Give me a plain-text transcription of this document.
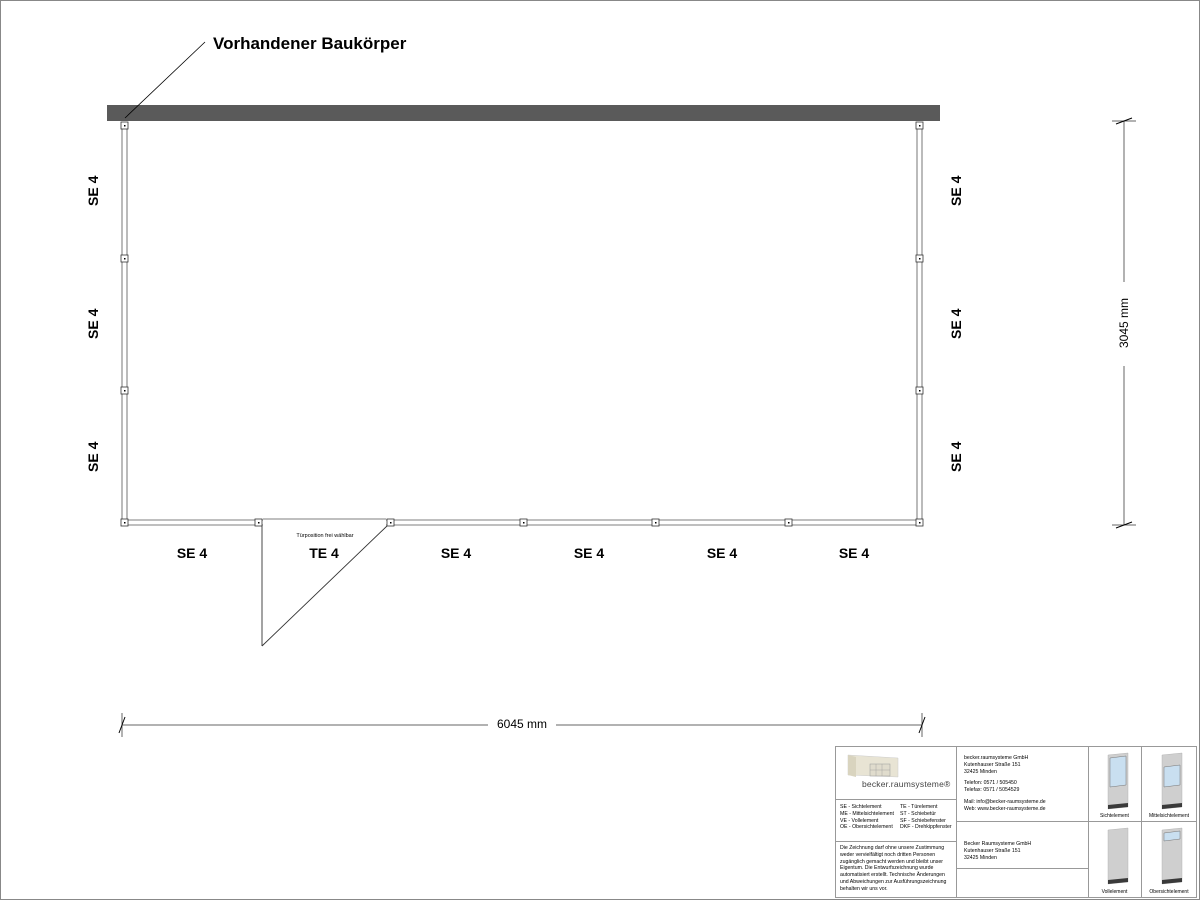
Vorhandener Baukörper
SE 4
SE 4
SE 4
SE 4
SE 4
SE 4
SE 4	TE 4	SE 4	SE 4	SE 4	SE 4
Türposition frei wählbar
6045 mm
3045 mm
becker.raumsysteme®
SE - Sichtelement
ME - Mittelsichtelement
VE - Vollelement
OE - Obersichtelement
TE - Türelement
ST - Schiebetür
SF - Schiebefenster
DKF - Drehkippfenster
Die Zeichnung darf ohne unsere Zustimmung weder vervielfältigt noch dritten Personen zugänglich gemacht werden und bleibt unser Eigentum. Die Entwurfszeichnung wurde automatisiert erstellt. Technische Änderungen und Abweichungen zur Ausführungszeichnung behalten wir uns vor.
becker.raumsysteme GmbH
Kutenhauser Straße 151
32425 Minden
Telefon: 0571 / 505450
Telefax: 0571 / 5054529
Mail: info@becker-raumsysteme.de
Web: www.becker-raumsysteme.de
Becker Raumsysteme GmbH
Kutenhauser Straße 151
32425 Minden
Sichtelement	Mittelsichtelement
Vollelement	Obersichtelement
